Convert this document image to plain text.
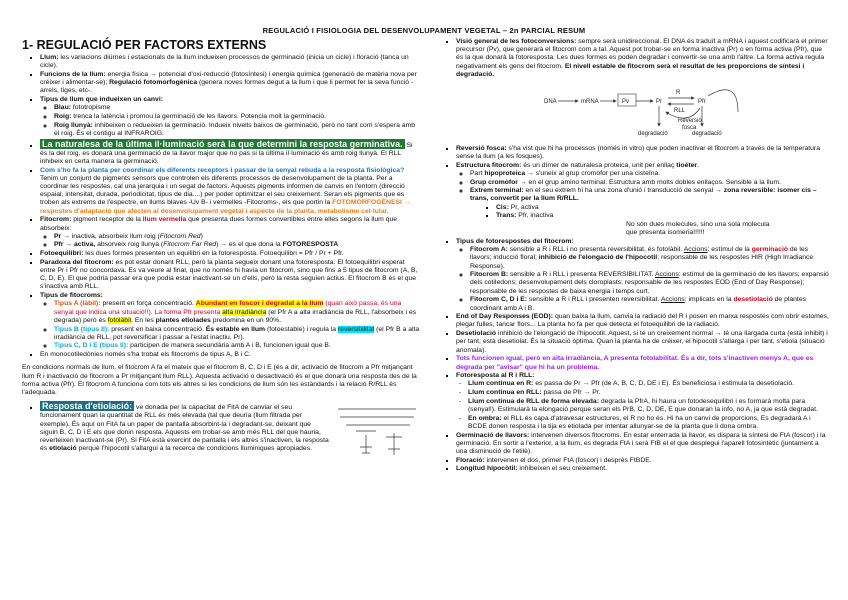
REGULACIÓ I FISIOLOGIA DEL DESENVOLUPAMENT VEGETAL – 2n PARCIAL RESUM
1- REGULACIÓ PER FACTORS EXTERNS
▪ Llum: les variacions diürnes i estacionals de la llum indueixen processos de germinació (inicia un cicle) i floració (tanca un cicle).
▪ Funcions de la llum: energia física → potencial d'oxi-reducció (fotosíntesi) i energia química (generació de matèria nova per créixer i alimentar-se); Regulació fotomorfogènica (genera noves formes degut a la llum i que li permet fer la seva funció -arrels, tiges, etc-.
▪ Tipus de llum que indueixen un canvi:
◦ Blau: fototropisme
◦ Roig: trenca la latència i promou la germinació de les llavors. Potencia molt la germinació.
◦ Roig llunyà: inhibeixen o redueixen la germinació. Indueix nivells baixos de germinació, però no tant com s'espera amb el roig. És el contigu al INFRAROIG.
▪ La naturalesa de la última il·luminació serà la que determini la resposta germinativa. Si és la del roig, es donarà una germinació de la llavor major que no pas si la última il·luminació és amb roig llunyà. El RLL inhibeix en certa manera la germinació.
▪ Com s'ho fa la planta per coordinar els diferents receptors i passar de la senyal rebuda a la resposta fisiològica? Tenim un conjunt de pigments sensors que controlen els diferents processos de desenvolupament de la planta. Per a coordinar les respostes, cal una jerarquia i un segat de factors. Aquests pigments informen de canvis en l'entorn (direcció espaial, intensitat, durada, periodicitat, tipus de dia....) per poder optimitzar el seu creixement. Seran els pigments que es troben als extrems de l'espectre, en llums blaves -Uv B- i vermelles -Fitocroms-, els que portin la FOTOMORFOGÈNESI → respostes d'adaptació que afecten al desenvolupament vegetal i aspecte de la planta, metabolisme cel·lular.
▪ Fitocrom: pigment receptor de la llum vermella que presenta dues formes convertibles entre elles segons la llum que absorbeix:
◦ Pr → inactiva, absorbeix llum roig (Fitocrom Red)
◦ Pfr → activa, absorveix roig llunyà (Fitocrom Far Red) → es el que dona la FOTORESPOSTA
▪ Fotoequilibri: les dues formes presenten un equilibri en la fotoresposta. Fotoequilibri = Pfr / Pr + Pfr.
▪ Paradoxa del fitocrom: es pot estar donant RLL, però la planta segueix donant una fotoresposta. El fotoequilibri esperat entre Pr i Pfr no concordava. Es va veure al final, que no només hi havia un fitocrom, sino que fins a 5 tipus de fitocrom (A, B, C, D, E). El que podria passar era que podia estar inactivant-se un d'ells, però la resta seguien actius. El fitocrom B és el que s'inactiva amb RLL.
▪ Tipus de fitocroms:
◦ Tipus A (làbil): present en força concentració. Abundant en foscor i degradat a la llum (quan això passa, és una senyal que indica una situació!!). La forma Pfr presenta alta irradiància (el Pfr A a alta irradiància de RLL, l'absorbeix i es degrada) però és fotolàbil. En les plantes etiolades predomina en un 90%.
◦ Tipus B (tipus II): present en baixa concentració. És estable en llum (fotoestable) i regula la reversibilitat (el Pfr B a alta irradiància de RLL, pot reversificar i passar a l'estat inactiu, Pr).
◦ Tipus C, D i E (tipus II): participen de manera secundària amb A i B, funcionen igual que B.
▪ En monocotiledònies només s'ha trobat els fitocroms de tipus A, B i C.

En condicions normals de llum, el fitocrom A fa el mateix que el fitocrom B, C, D i E (és a dir, activació de fitocrom a Pfr mitjançant llum R i inactivació de fitocrom a Pr mitjançant llum RLL). Aquesta activació o desactivació és el que donarà una resposta des de la forma activa (Pfr). El fitocrom A funciona com tots els altres si les condicions de llum són les estàndards i la relació R/RLL és l'adequada.

▪ Resposta d'etiolació: ve donada per la capacitat de FitA de canviar el seu funcionament quan la quantitat de RLL és més elevada (tal que deuria (llum filtrada per exemple). És aquí on FitA fa un paper de pantalla absorbint-la i degradant-se, deixant que siguin B, C, D i E els que donin resposta. Aquests em trobar-se amb més RLL del que hauria, reverteixen inactivant-se (Pr). Si FitA està exercint de pantalla i els altres s'inactiven, la resposta és etiolació perquè l'hipocotil s'allargui a la recerca de condicions lluminiques apropiades.
▪ Visió general de les fotoconversions: sempre serà unidireccional. El DNA és traduït a mRNA i aquest codificarà el primer precursor (Pv), que generarà el fitocrom com a tal. Aquest pot trobar-se en forma inactiva (Pr) o en forma activa (Pfr), que és la que donarà la fotoresposta. Les dues formes es poden degradar i convertir-se una amb l'altre. La forma activa regula negativament els gens del fitocrom. El nivell estable de fitocrom serà el resultat de les proporcions de síntesi i degradació.
DNA	mRNA	Pv	Pr
R
RLL
Pfr
Reversió
fosca
degradació	degradació
▪ Reversió fosca: s'ha vist que hi ha processos (només in vitro) que poden inactivar el fitocrom a través de la temperatura sense la llum (a les fosques).
▪ Estructura fitocrom: és un dímer de naturalesa proteica, unit per enllaç tioèter.
◦ Part hipoproteica → s'uneix al grup cromòfor per una cisteïna.
◦ Grup cromòfor → en el grup amino terminal. Estructura amb molts dobles enllaços. Sensible a la llum.
◦ Extrem terminal: en el seu extrem hi ha una zona d'unió i transducció de senyal → zona reversible: isomer cis – trans, convertit per la llum R/RLL.
▪ Cis: Pr, activa
▪ Trans: Pfr, inactiva
No són dues molecules, sino una sola molecula que presenta isomeria!!!!!!
▪ Tipus de fotorespostes del fitocrom:
◦ Fitocrom A: sensible a R i RLL i no presenta reversibilitat, és fotolàbil. Accions: estímul de la germinació de les llavors; inducció floral; inhibició de l'elongació de l'hipocotil; responsable de les respostes HIR (High Irradiance Response).
◦ Fitocrom B: sensible a R i RLL i presenta REVERSIBILITAT. Accions: estímul de la germinació de les llavors; expansió dels cotiledons; desenvolupament dels cloroplasts; responsable de les respostes EOD (End of Day Response); responsable de les respostes de baixa energia i temps curt.
◦ Fitocrom C, D i E: sensible a R i RLL i presenten reversibilitat. Accions: implicats en la desetiolació de plantes coordinant amb A i B.
▪ End of Day Responses (EOD): quan baixa la llum, canvia la radiació del R i posen en marxa respostes com obrir estomes, plegar fulles, tancar flors... La planta ho fa per que detecta el fotoequilibri de la radiació.
▪ Desetiolació inhibició de l'elongació de l'hipocotil. Aquest, si té un creixement normal → té una llargada curta (està inhibit) i per tant, està desetiolat. És la situació òptima. Quan la planta ha de créixer, el hipocotil s'allarga i per tant, s'etiola (situació anomala).
▪ Tots funcionen igual, però en alta irradiància, A presenta fotolabilitat. És a dir, tots s'inactiven menys A, que es degrada per "avisar" que hi ha un problema.
▪ Fotoresposta al R i RLL:
- Llum continua en R: es passa de Pr → Pfr (de A, B, C, D, DE i E). És beneficiosa i estimula la desetiolació.
- Llum continua en RLL: passa de Pfr → Pr.
- Llum continua de RLL de forma elevada: degrada la PfrA, hi haura un fotodesequilibri i es formarà molta para (senyal!). Estimularà la elongació perque seran els PrB, C, D, DE, E que donaran la info, no A, ja que està degradat.
- En ombra: el RLL és capa d'atravesar estructures, el R no ho és. Hi ha un canvi de proporcions, Es degradarà A i BCDE donen resposta i la tija es etiolada per intentar allunyar-se de la planta que li dona ombra.
▪ Germinació de llavors: intervenen diversos fitocroms. En estar enterrada la llavor, es dispara la síntesi de FtA (foscor) i la germinació. En sortir a l'exterior, a la llum, es degrada FtA i serà FtB el el que desplegui l'aparell fotosintètic (juntament a una disminució de l'etilè).
▪ Floració: intervenen el dos, primer FtA (foscor) i desprès FtBDE.
▪ Longitud hipocòtil: inhibeixen el seu creixement.
